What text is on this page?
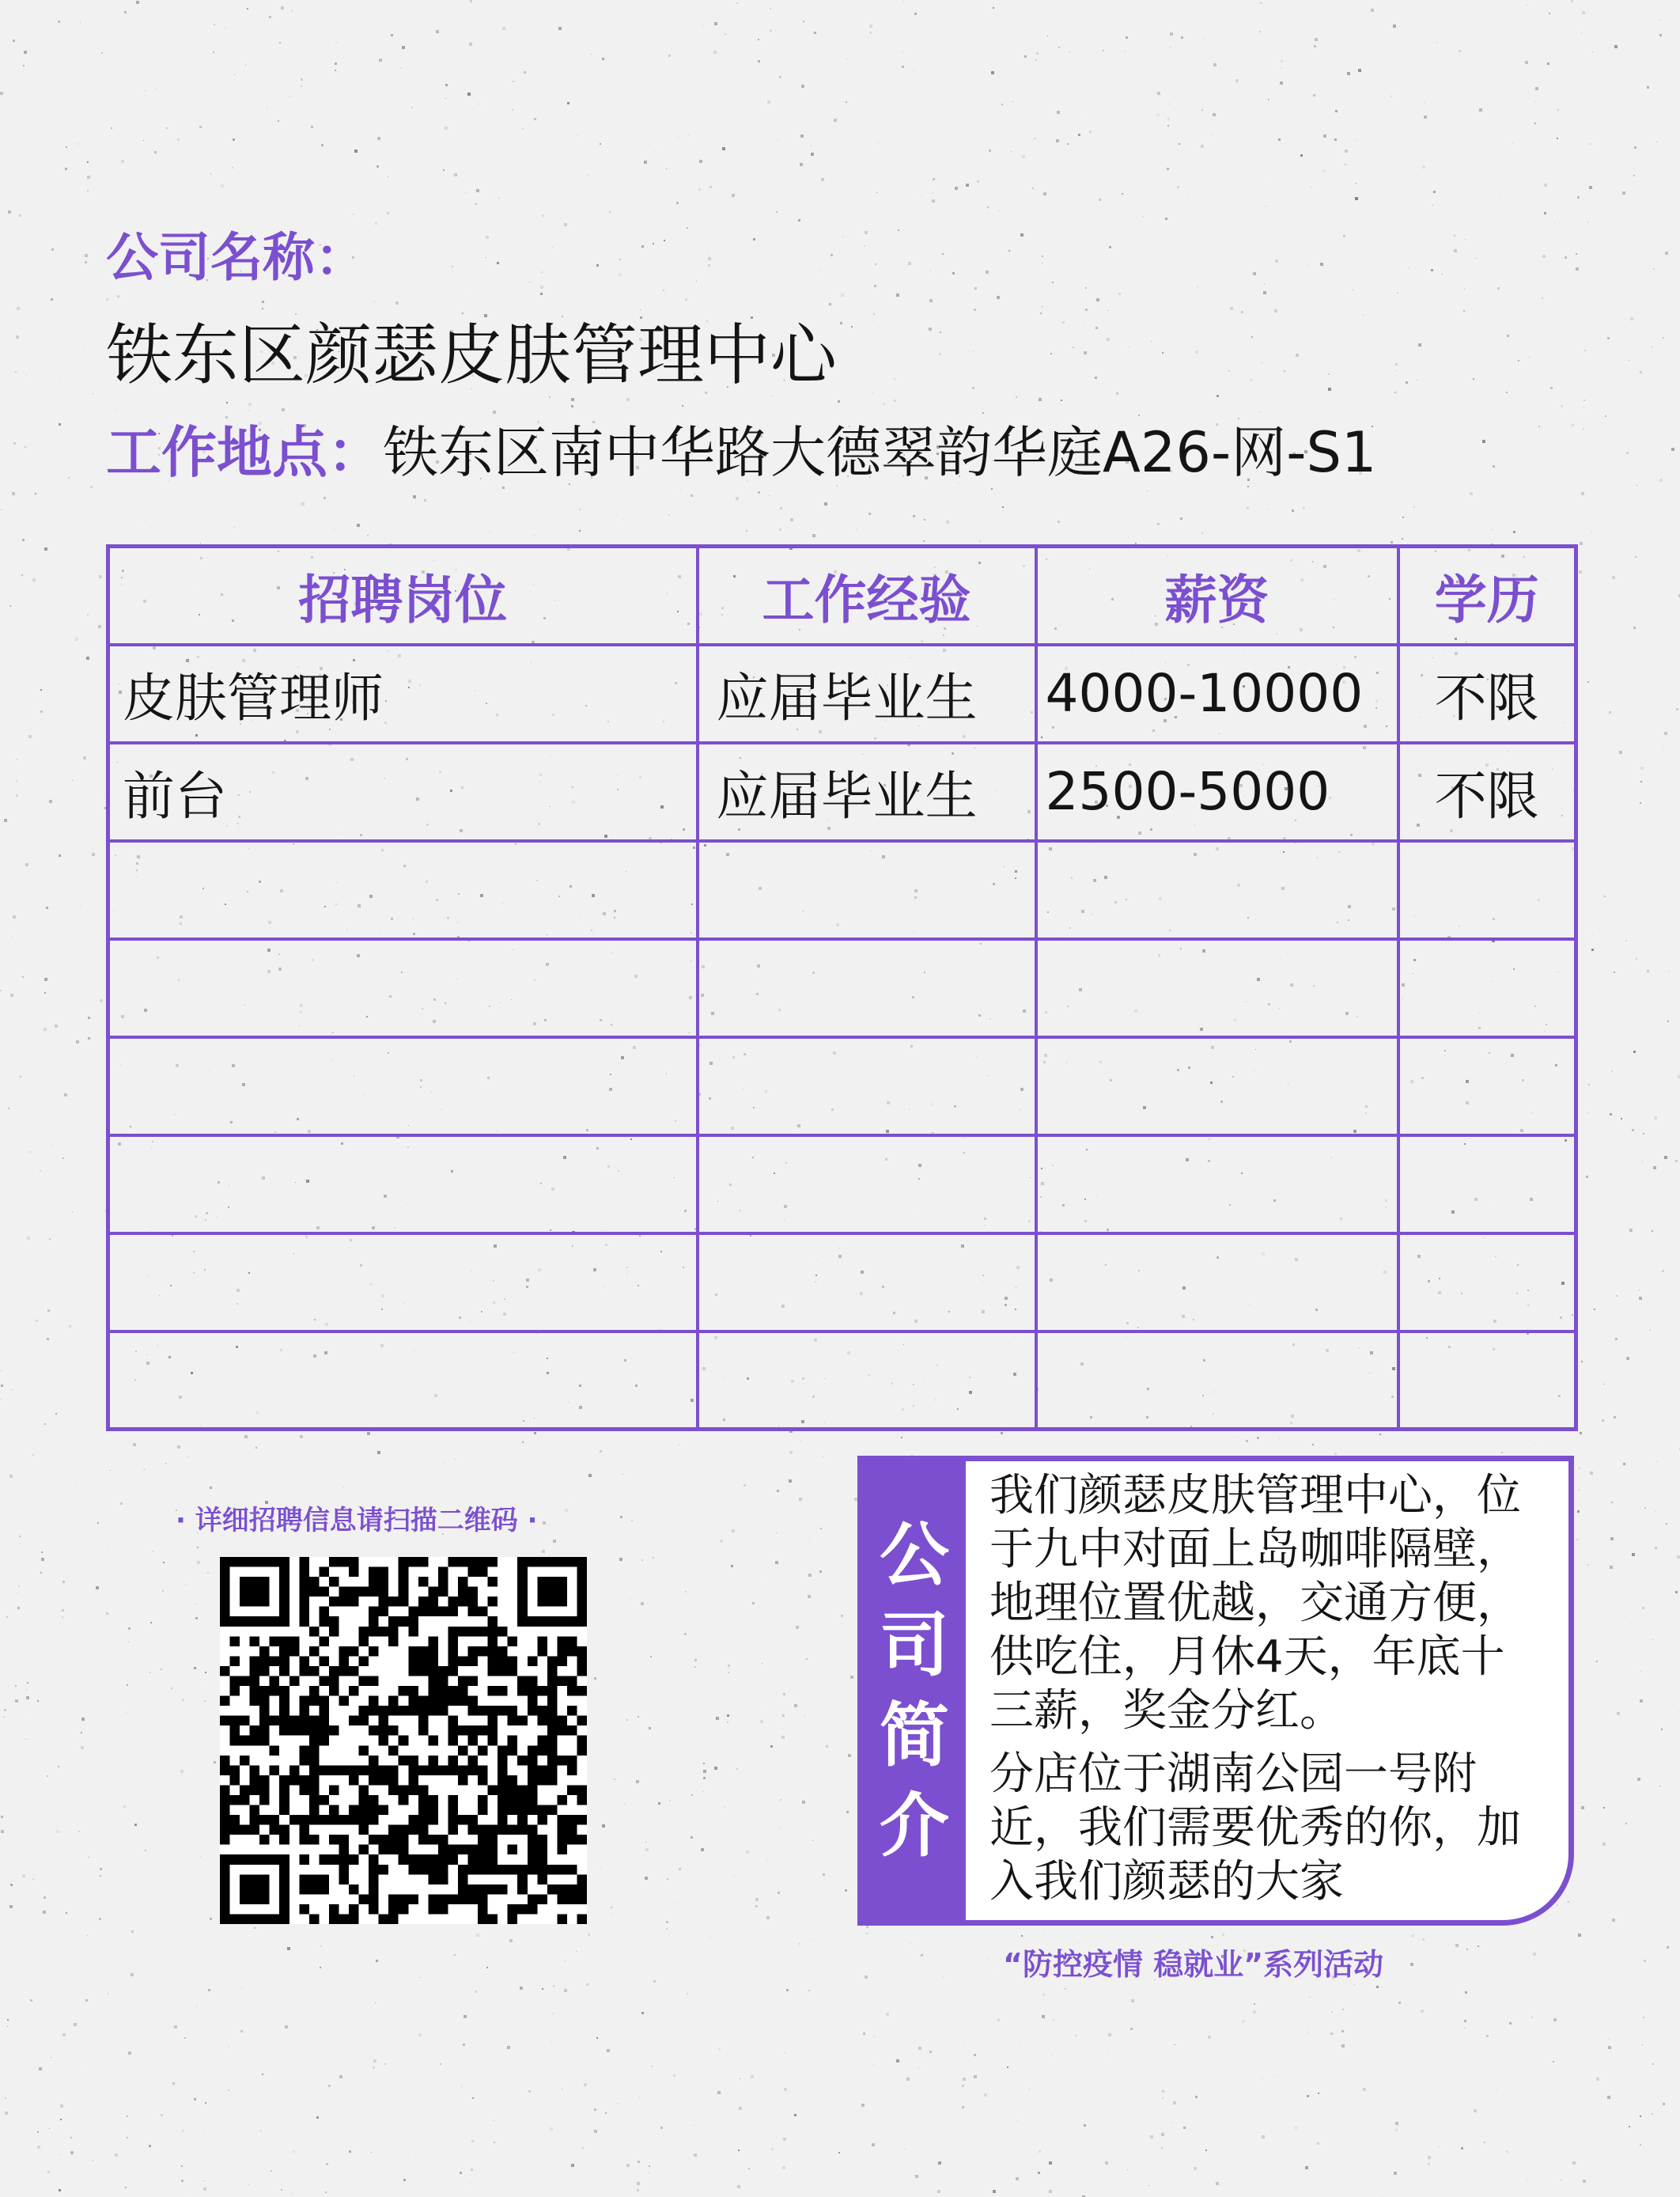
公司名称：
铁东区颜瑟皮肤管理中心
工作地点：铁东区南中华路大德翠韵华庭A26-网-S1
招聘岗位	工作经验	薪资	学历
皮肤管理师	应届毕业生	4000-10000	不限
前台	应届毕业生	2500-5000	不限

· 详细招聘信息请扫描二维码 ·	公
司
简
介

我们颜瑟皮肤管理中心，位于九中对面上岛咖啡隔壁，地理位置优越，交通方便，供吃住，月休4天，年底十三薪，奖金分红。

分店位于湖南公园一号附近，我们需要优秀的你，加入我们颜瑟的大家

“防控疫情 稳就业”系列活动
